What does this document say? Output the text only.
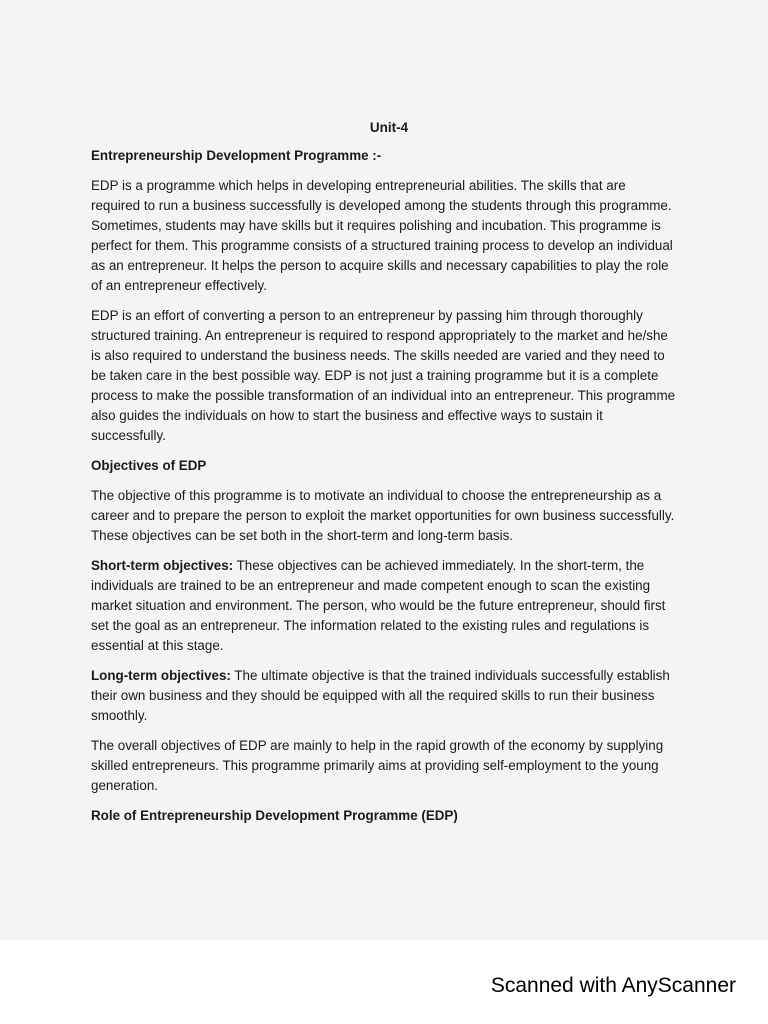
Unit-4
Entrepreneurship Development Programme :-

EDP is a programme which helps in developing entrepreneurial abilities. The skills that are required to run a business successfully is developed among the students through this programme. Sometimes, students may have skills but it requires polishing and incubation. This programme is perfect for them. This programme consists of a structured training process to develop an individual as an entrepreneur. It helps the person to acquire skills and necessary capabilities to play the role of an entrepreneur effectively.

EDP is an effort of converting a person to an entrepreneur by passing him through thoroughly structured training. An entrepreneur is required to respond appropriately to the market and he/she is also required to understand the business needs. The skills needed are varied and they need to be taken care in the best possible way. EDP is not just a training programme but it is a complete process to make the possible transformation of an individual into an entrepreneur. This programme also guides the individuals on how to start the business and effective ways to sustain it successfully.

Objectives of EDP

The objective of this programme is to motivate an individual to choose the entrepreneurship as a career and to prepare the person to exploit the market opportunities for own business successfully. These objectives can be set both in the short-term and long-term basis.

Short-term objectives: These objectives can be achieved immediately. In the short-term, the individuals are trained to be an entrepreneur and made competent enough to scan the existing market situation and environment. The person, who would be the future entrepreneur, should first set the goal as an entrepreneur. The information related to the existing rules and regulations is essential at this stage.

Long-term objectives: The ultimate objective is that the trained individuals successfully establish their own business and they should be equipped with all the required skills to run their business smoothly.

The overall objectives of EDP are mainly to help in the rapid growth of the economy by supplying skilled entrepreneurs. This programme primarily aims at providing self-employment to the young generation.

Role of Entrepreneurship Development Programme (EDP)
Scanned with AnyScanner
